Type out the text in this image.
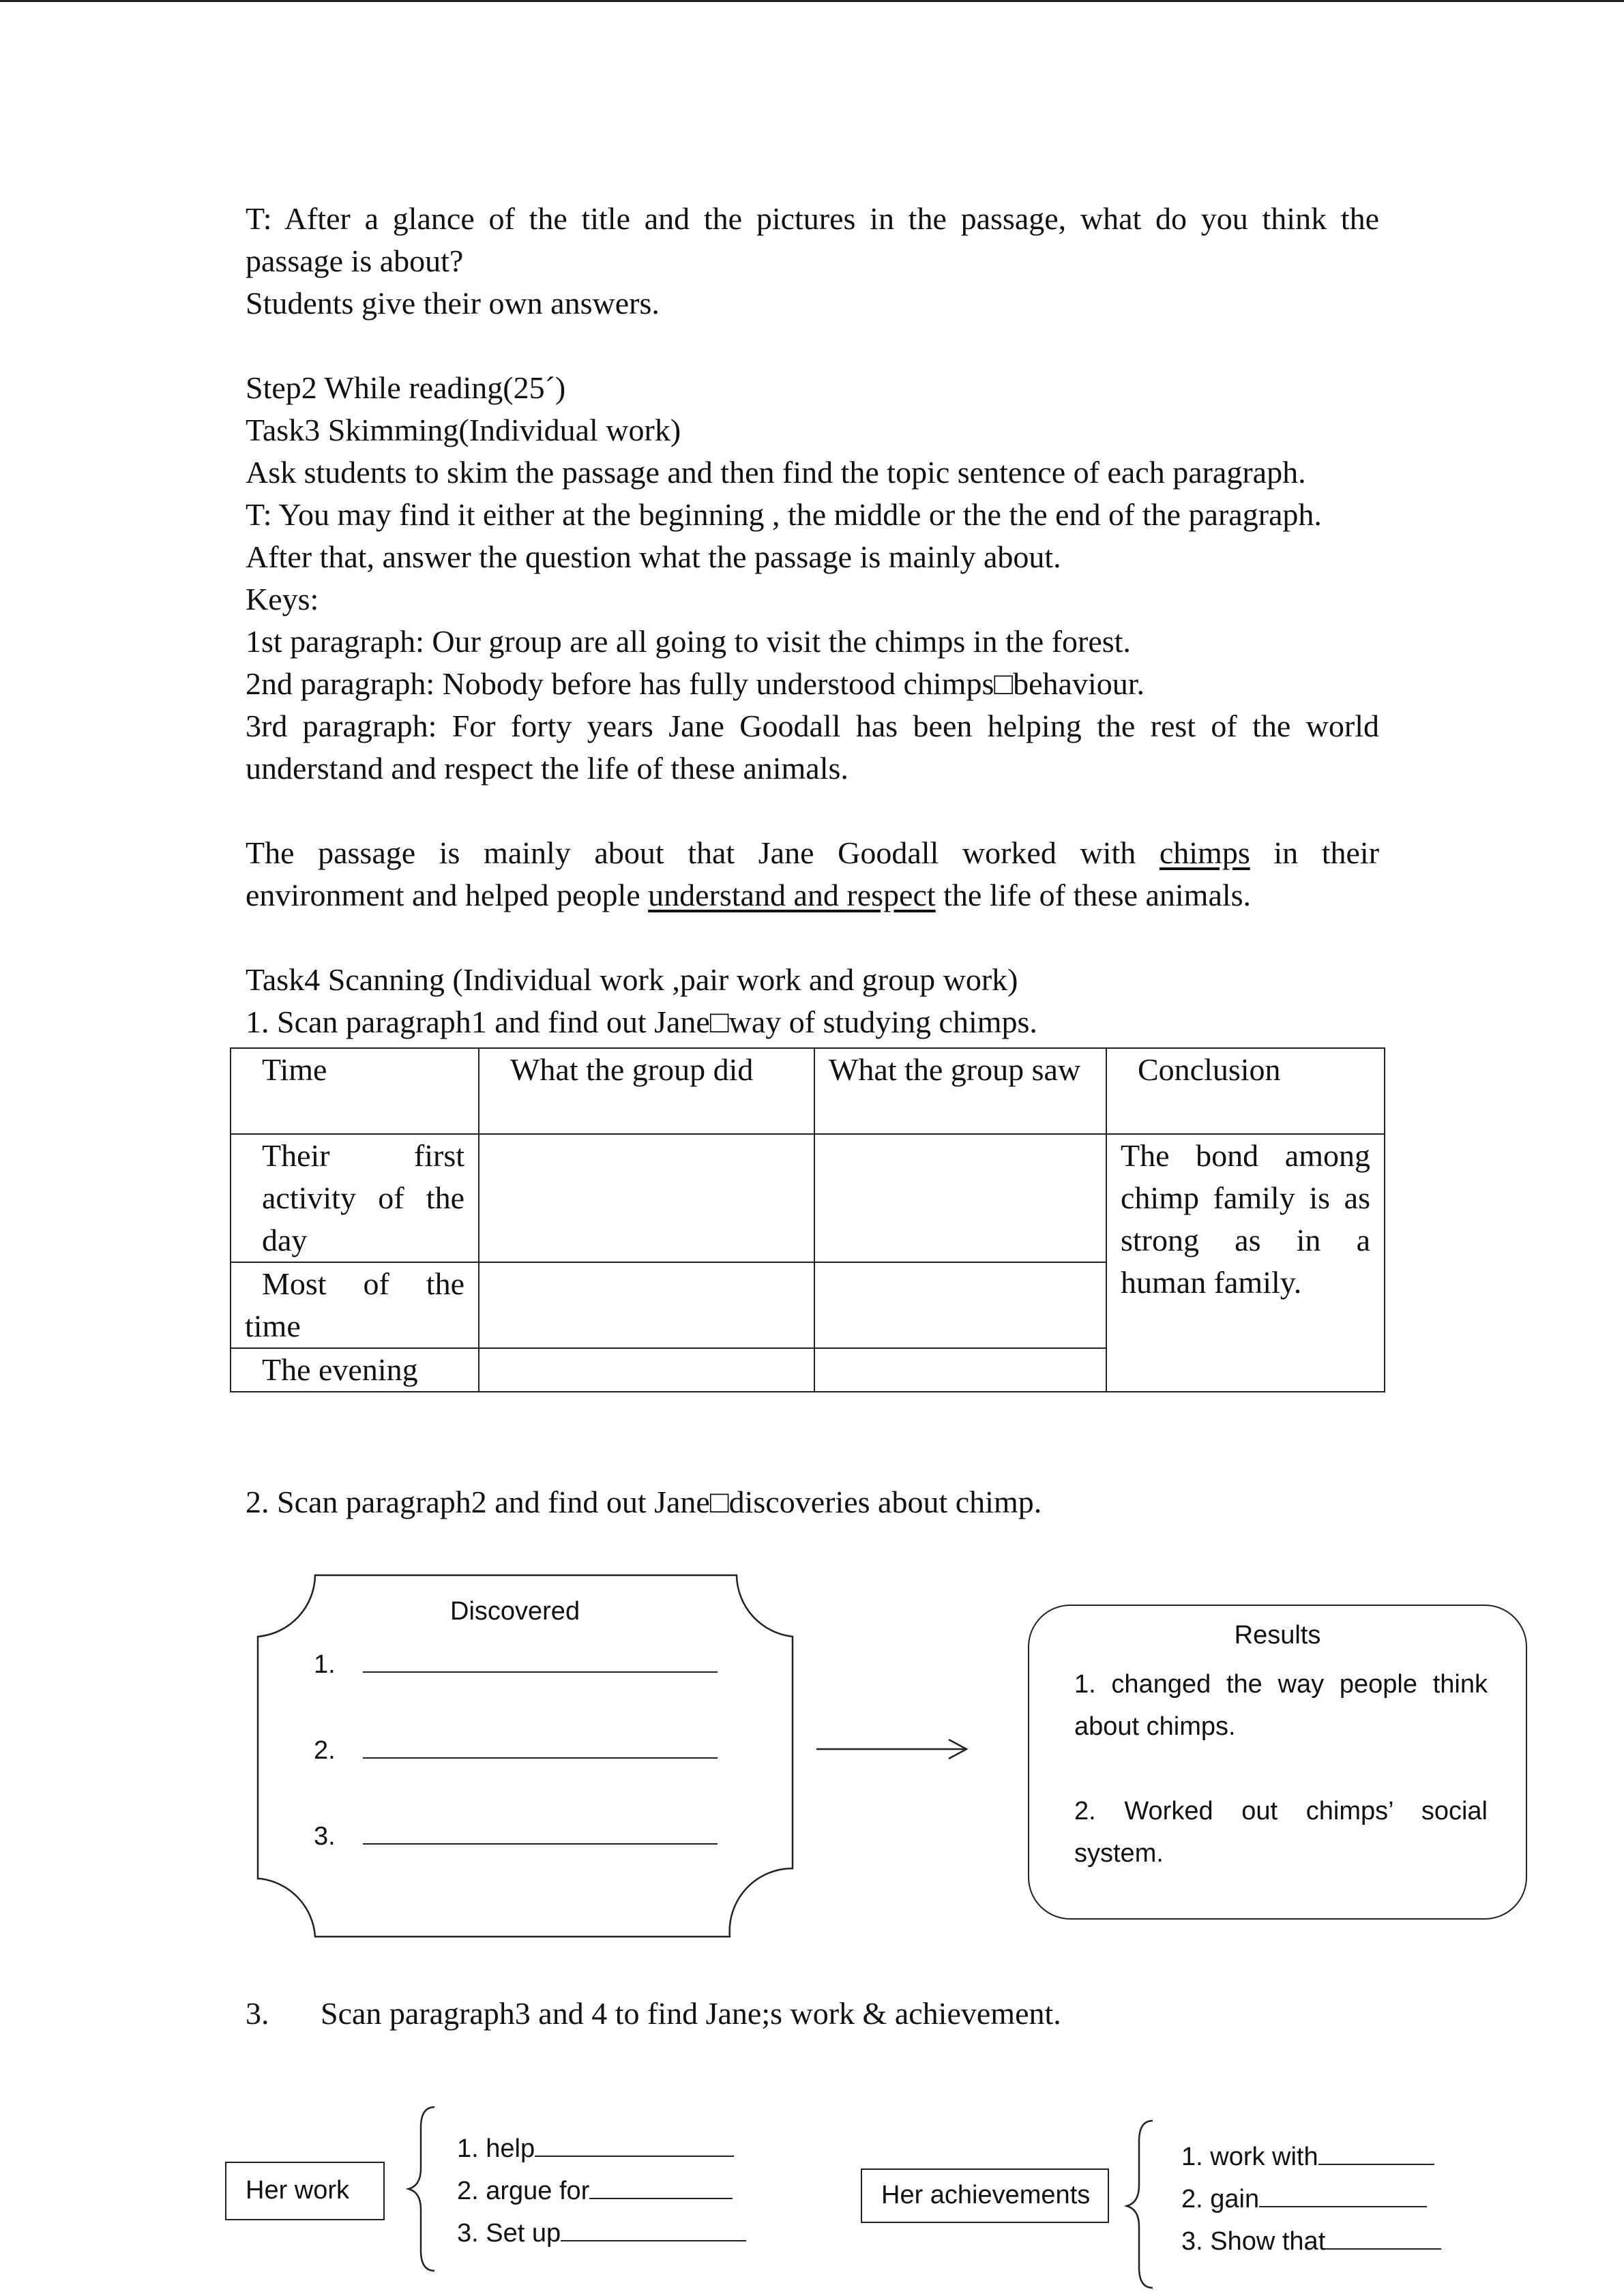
T: After a glance of the title and the pictures in the passage, what do you think the

passage is about?

Students give their own answers.

Step2 While reading(25´)

Task3 Skimming(Individual work)

Ask students to skim the passage and then find the topic sentence of each paragraph.

T: You may find it either at the beginning , the middle or the the end of the paragraph.

After that, answer the question what the passage is mainly about.

Keys:

1st paragraph: Our group are all going to visit the chimps in the forest.

2nd paragraph: Nobody before has fully understood chimps□behaviour.

3rd paragraph: For forty years Jane Goodall has been helping the rest of the world

understand and respect the life of these animals.

The passage is mainly about that Jane Goodall worked with chimps in their

environment and helped people understand and respect the life of these animals.

Task4 Scanning (Individual work ,pair work and group work)

1. Scan paragraph1 and find out Jane□way of studying chimps.

Time	What the group did	What the group saw	Conclusion
Their first activity of the day			The bond among chimp family is as strong as in a human family.
Most of the time			
The evening			

2. Scan paragraph2 and find out Jane□discoveries about chimp.

Discovered
1.
2.
3.
Results
1. changed the way people think about chimps.
2. Worked out chimps’ social system.
3. Scan paragraph3 and 4 to find Jane;s work & achievement.
Her work
1. help
2. argue for
3. Set up
Her achievements
1. work with
2. gain
3. Show that
